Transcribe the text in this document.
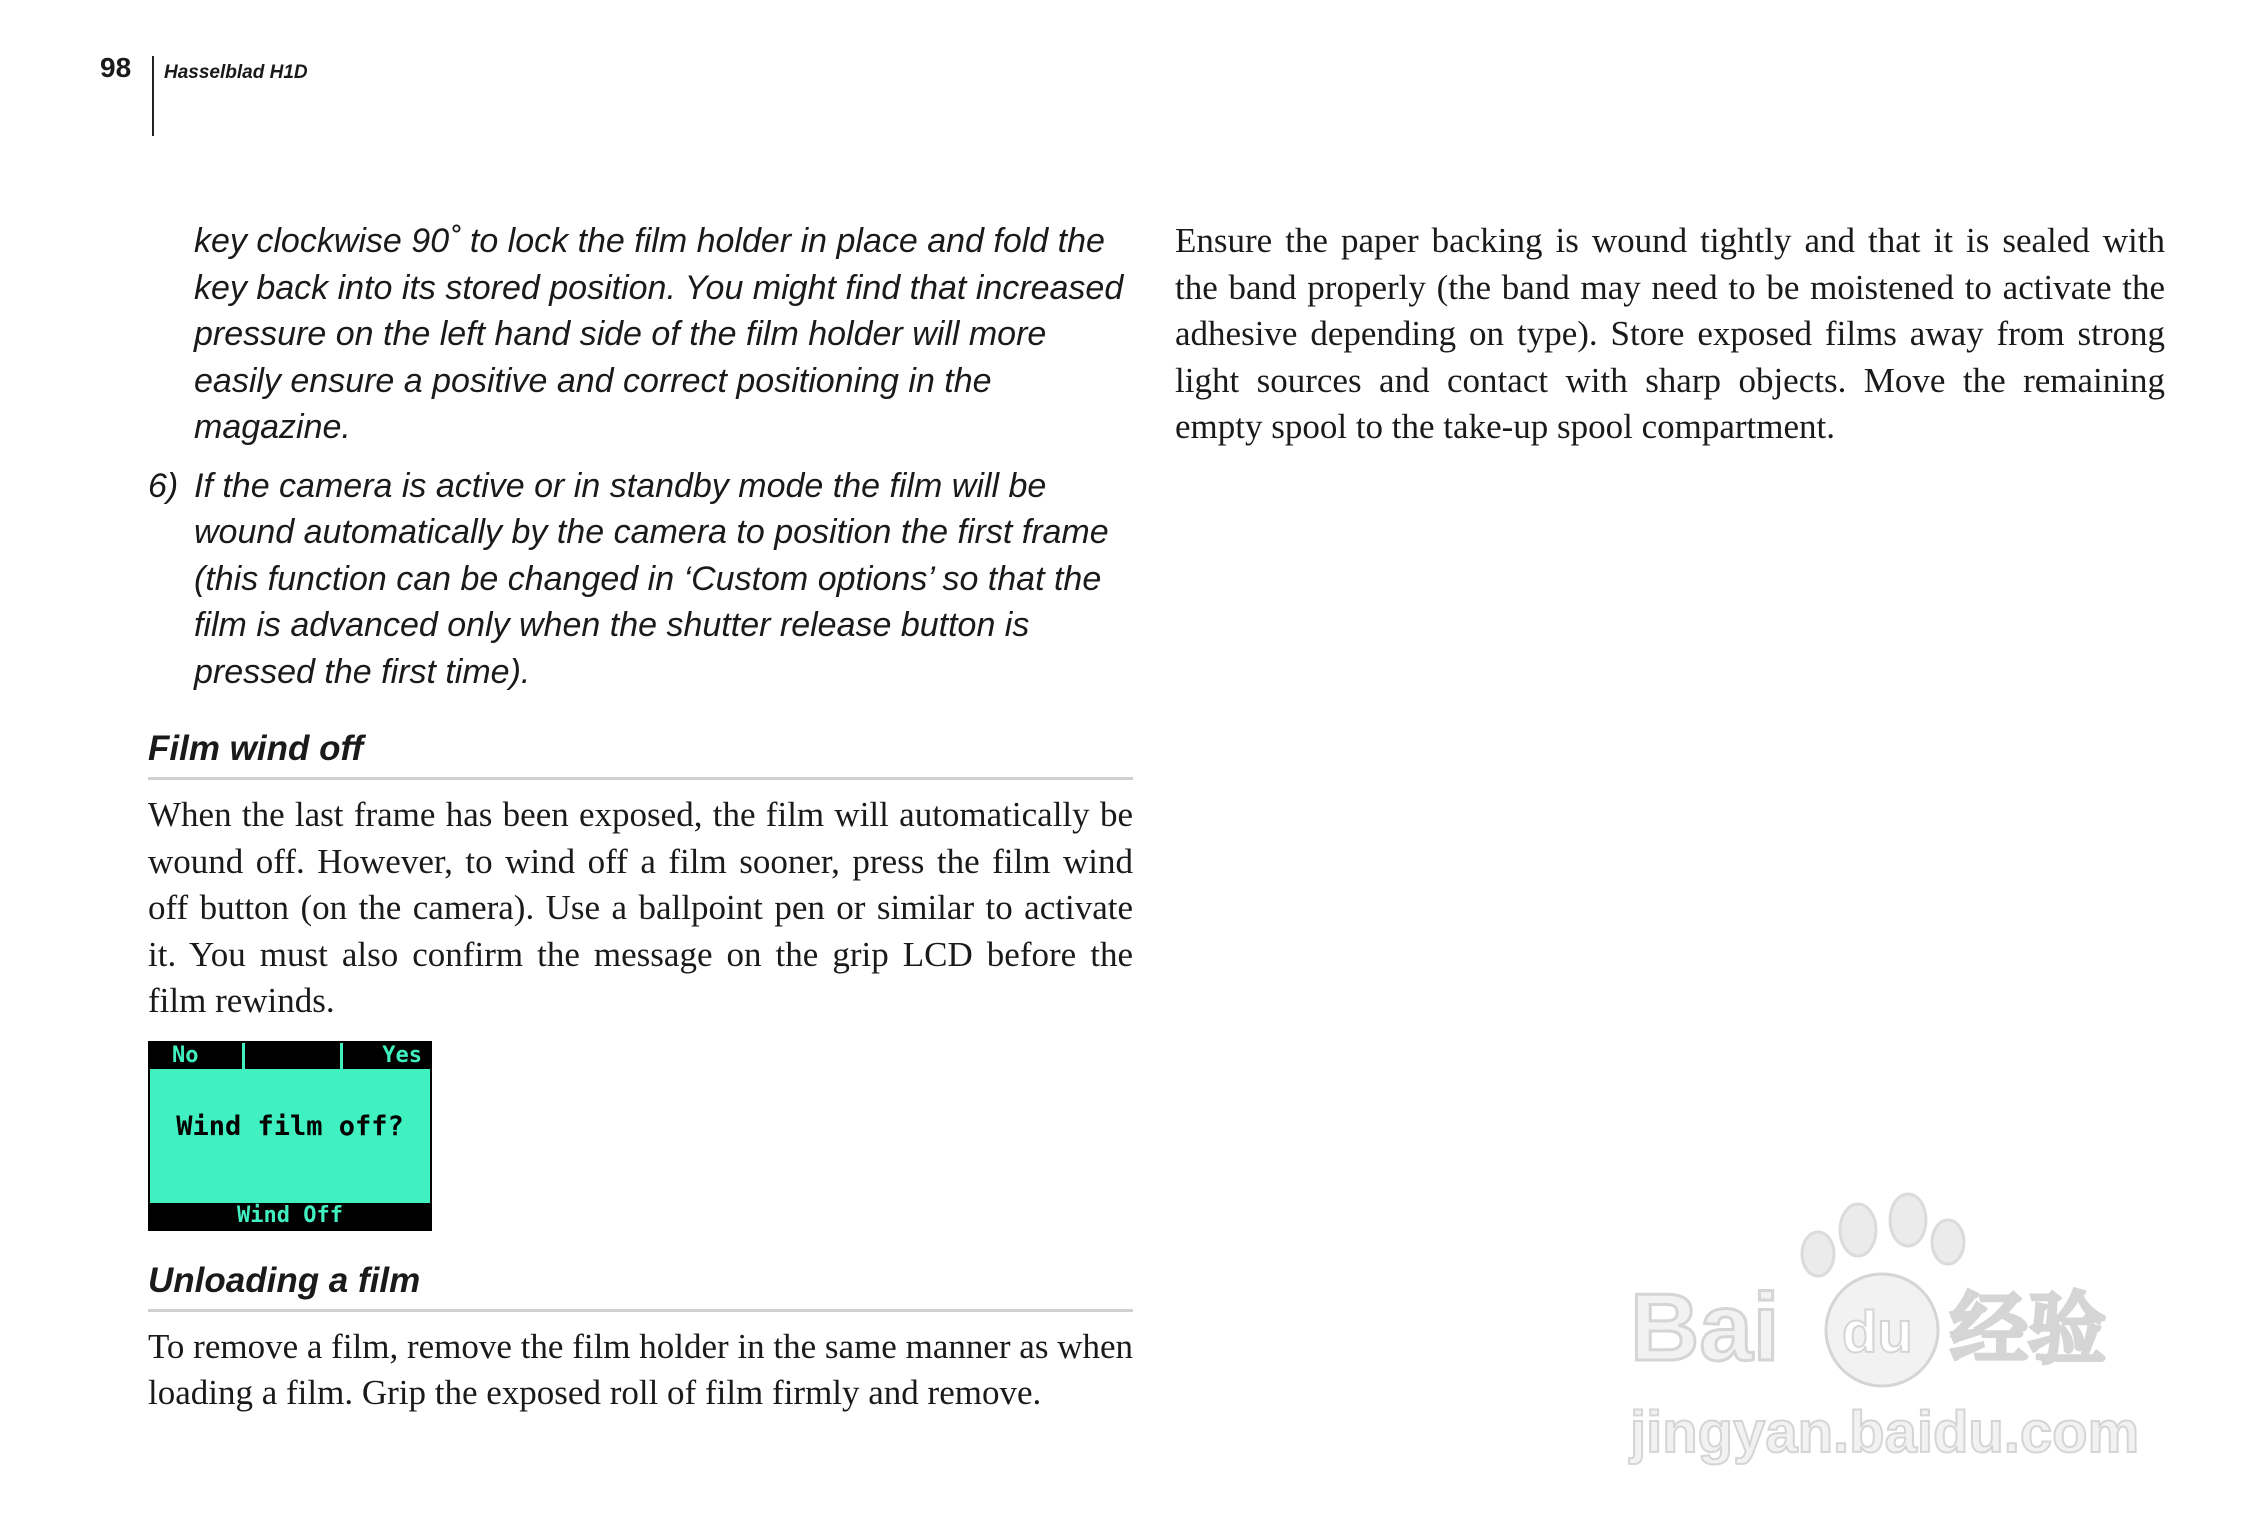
98 Hasselblad H1D

key clockwise 90˚ to lock the film holder in place and fold the key back into its stored position. You might find that increased pressure on the left hand side of the film holder will more easily ensure a positive and correct positioning in the magazine.

6) If the camera is active or in standby mode the film will be wound automatically by the camera to position the first frame (this function can be changed in ‘Custom options’ so that the film is advanced only when the shutter release button is pressed the first time).
Film wind off

When the last frame has been exposed, the film will automatically be wound off. However, to wind off a film sooner, press the film wind off button (on the camera). Use a ballpoint pen or similar to activate it. You must also confirm the message on the grip LCD before the film rewinds.

No	Yes
Wind film off?
Wind Off
Unloading a film

To remove a film, remove the film holder in the same manner as when loading a film. Grip the exposed roll of film firmly and remove.

Ensure the paper backing is wound tightly and that it is sealed with the band properly (the band may need to be moistened to activate the adhesive depending on type). Store exposed films away from strong light sources and contact with sharp objects. Move the remaining empty spool to the take-up spool compartment.

Bai du 经验
jingyan.baidu.com
